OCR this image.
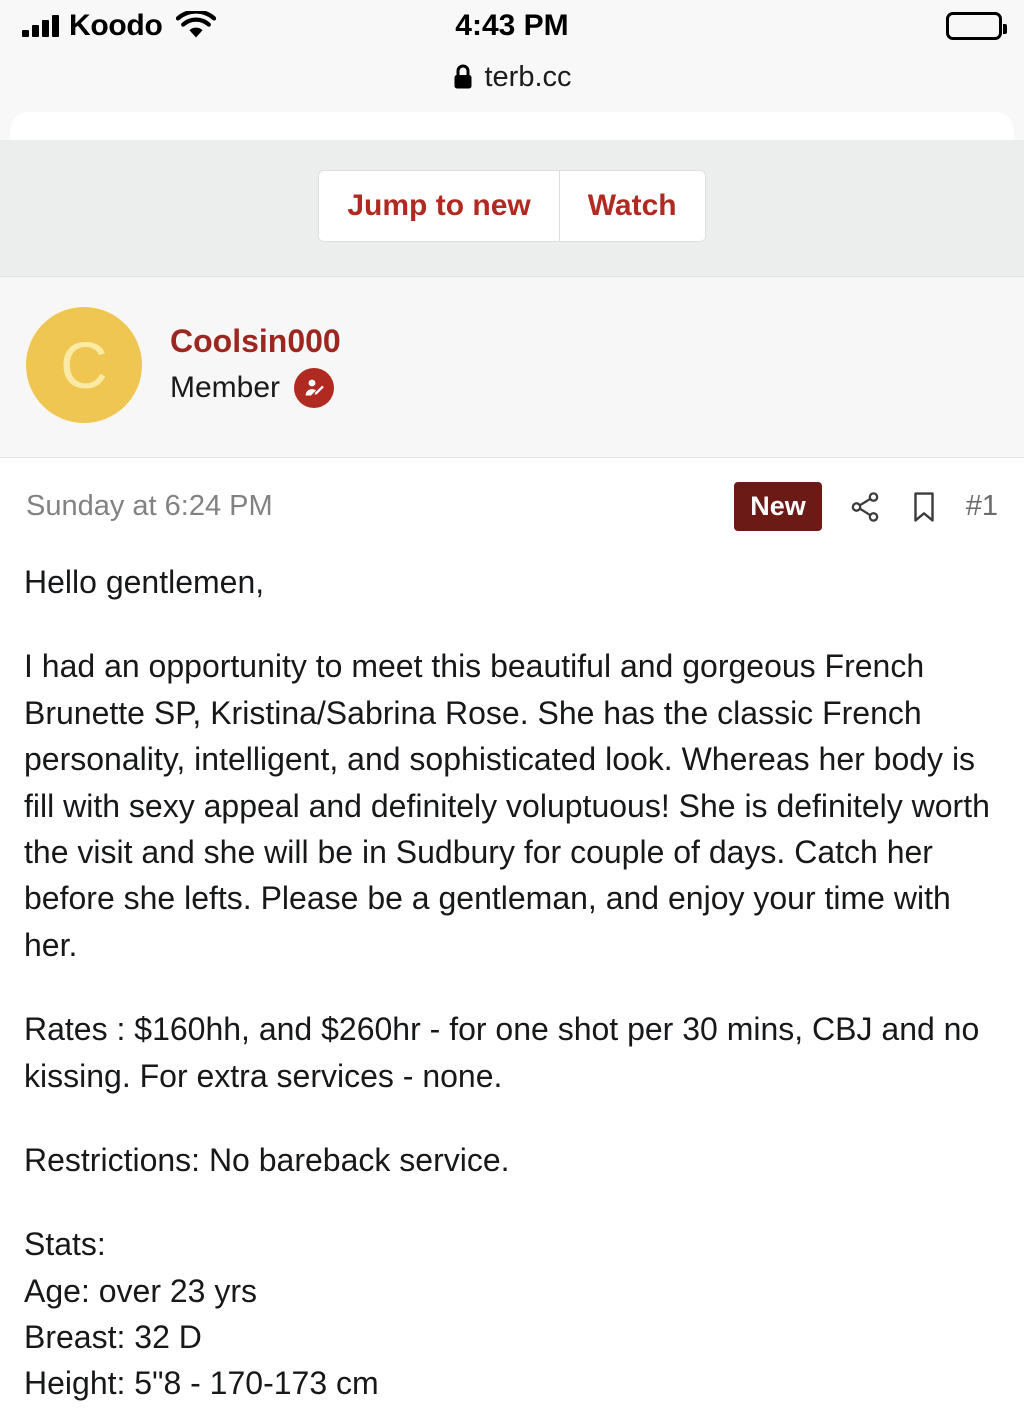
Koodo	4:43 PM
terb.cc
Jump to new	Watch
C	Coolsin000
Member
Sunday at 6:24 PM	New	#1

Hello gentlemen,

I had an opportunity to meet this beautiful and gorgeous French Brunette SP, Kristina/Sabrina Rose. She has the classic French personality, intelligent, and sophisticated look. Whereas her body is fill with sexy appeal and definitely voluptuous! She is definitely worth the visit and she will be in Sudbury for couple of days. Catch her before she lefts. Please be a gentleman, and enjoy your time with her.

Rates : $160hh, and $260hr - for one shot per 30 mins, CBJ and no kissing. For extra services - none.

Restrictions: No bareback service.

Stats:

Age: over 23 yrs

Breast: 32 D

Height: 5"8 - 170-173 cm
